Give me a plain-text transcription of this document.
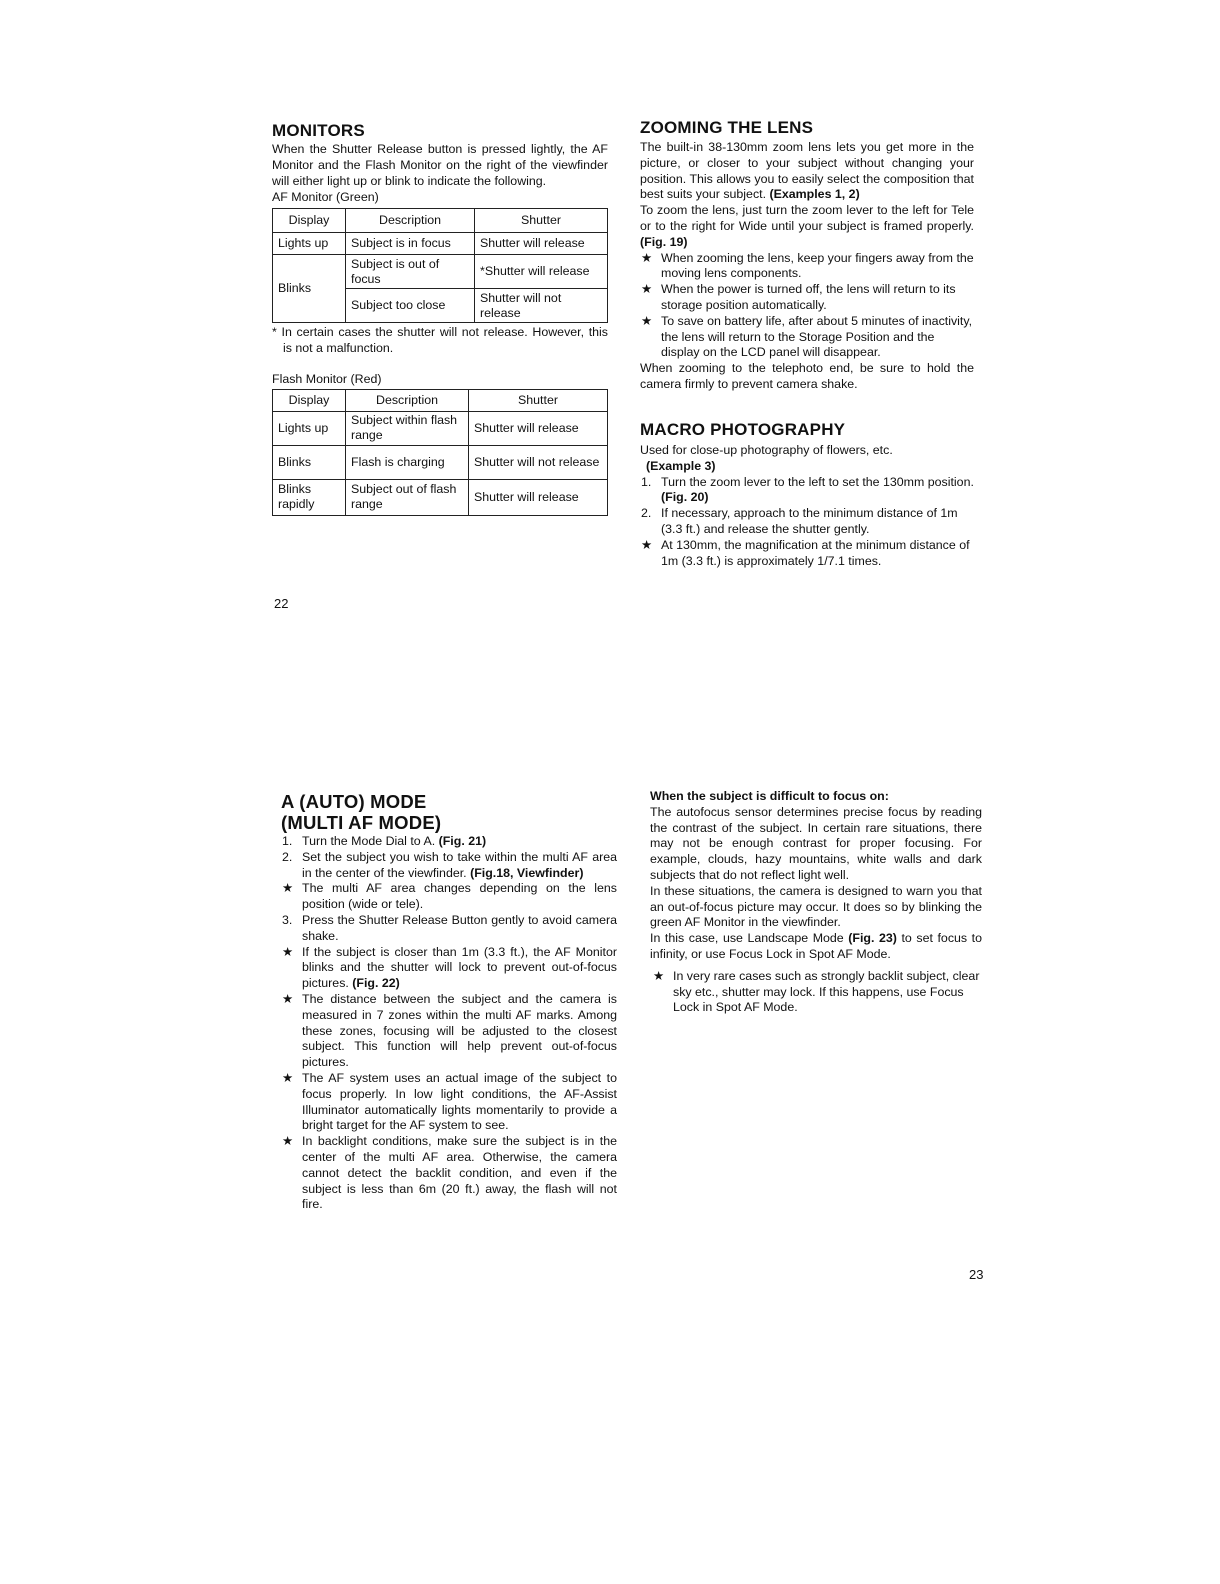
MONITORS

When the Shutter Release button is pressed lightly, the AF Monitor and the Flash Monitor on the right of the viewfinder will either light up or blink to indicate the following.

AF Monitor (Green)

Display	Description	Shutter
Lights up	Subject is in focus	Shutter will release
Blinks	Subject is out of focus	*Shutter will release
	Subject too close	Shutter will not release

* In certain cases the shutter will not release. However, this is not a malfunction.

Flash Monitor (Red)

Display	Description	Shutter
Lights up	Subject within flash range	Shutter will release
Blinks	Flash is charging	Shutter will not release
Blinks rapidly	Subject out of flash range	Shutter will release
ZOOMING THE LENS

The built-in 38-130mm zoom lens lets you get more in the picture, or closer to your subject without changing your position. This allows you to easily select the composition that best suits your subject. (Examples 1, 2)

To zoom the lens, just turn the zoom lever to the left for Tele or to the right for Wide until your subject is framed properly. (Fig. 19)

★ When zooming the lens, keep your fingers away from the moving lens components.
★ When the power is turned off, the lens will return to its storage position automatically.
★ To save on battery life, after about 5 minutes of inactivity, the lens will return to the Storage Position and the display on the LCD panel will disappear.

When zooming to the telephoto end, be sure to hold the camera firmly to prevent camera shake.

MACRO PHOTOGRAPHY

Used for close-up photography of flowers, etc.

(Example 3)

1. Turn the zoom lever to the left to set the 130mm position. (Fig. 20)
2. If necessary, approach to the minimum distance of 1m (3.3 ft.) and release the shutter gently.
★ At 130mm, the magnification at the minimum distance of 1m (3.3 ft.) is approximately 1/7.1 times.
22
A (AUTO) MODE
(MULTI AF MODE)
1. Turn the Mode Dial to A. (Fig. 21)
2. Set the subject you wish to take within the multi AF area in the center of the viewfinder. (Fig.18, Viewfinder)
★ The multi AF area changes depending on the lens position (wide or tele).
3. Press the Shutter Release Button gently to avoid camera shake.
★ If the subject is closer than 1m (3.3 ft.), the AF Monitor blinks and the shutter will lock to prevent out-of-focus pictures. (Fig. 22)
★ The distance between the subject and the camera is measured in 7 zones within the multi AF marks. Among these zones, focusing will be adjusted to the closest subject. This function will help prevent out-of-focus pictures.
★ The AF system uses an actual image of the subject to focus properly. In low light conditions, the AF-Assist Illuminator automatically lights momentarily to provide a bright target for the AF system to see.
★ In backlight conditions, make sure the subject is in the center of the multi AF area. Otherwise, the camera cannot detect the backlit condition, and even if the subject is less than 6m (20 ft.) away, the flash will not fire.

When the subject is difficult to focus on:

The autofocus sensor determines precise focus by reading the contrast of the subject. In certain rare situations, there may not be enough contrast for proper focusing. For example, clouds, hazy mountains, white walls and dark subjects that do not reflect light well.

In these situations, the camera is designed to warn you that an out-of-focus picture may occur. It does so by blinking the green AF Monitor in the viewfinder.

In this case, use Landscape Mode (Fig. 23) to set focus to infinity, or use Focus Lock in Spot AF Mode.

★ In very rare cases such as strongly backlit subject, clear sky etc., shutter may lock. If this happens, use Focus Lock in Spot AF Mode.
23
